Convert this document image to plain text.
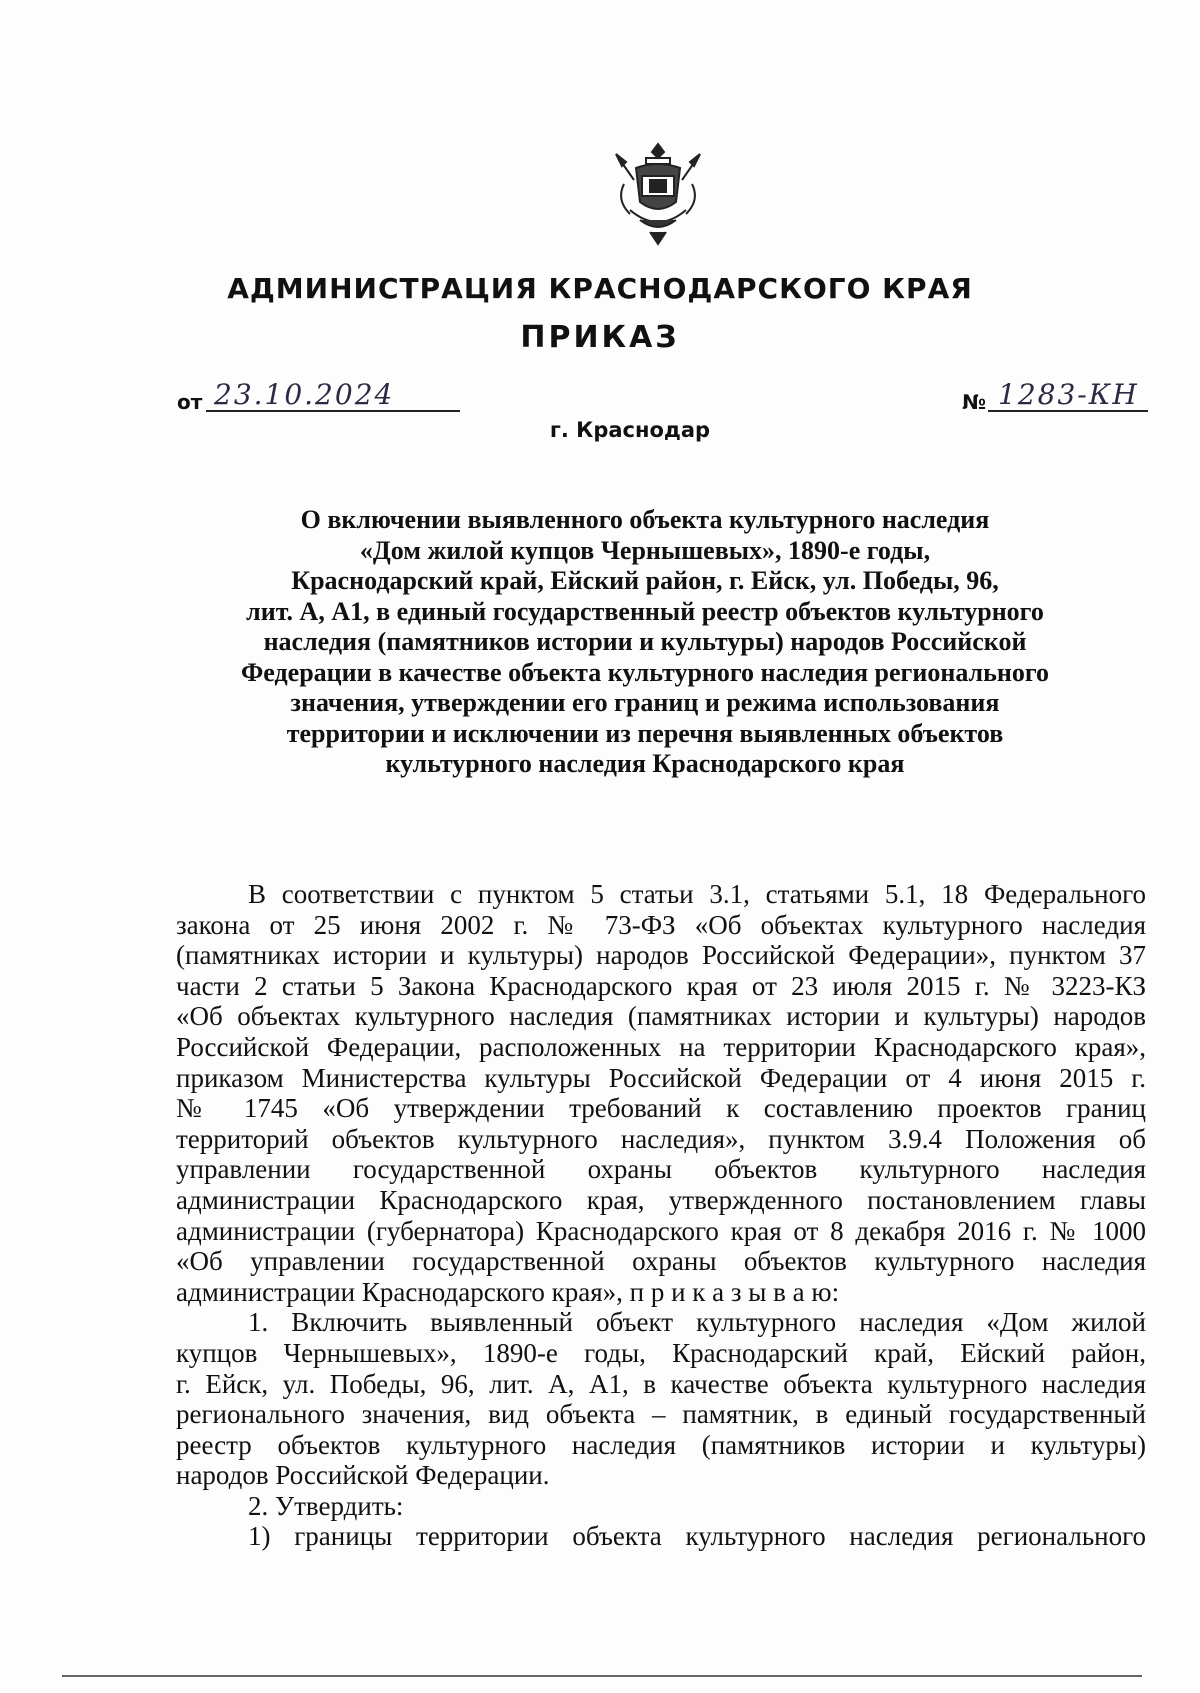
АДМИНИСТРАЦИЯ КРАСНОДАРСКОГО КРАЯ
ПРИКАЗ
от 23.10.2024	№ 1283-КН
г. Краснодар
О включении выявленного объекта культурного наследия
«Дом жилой купцов Чернышевых», 1890-е годы,
Краснодарский край, Ейский район, г. Ейск, ул. Победы, 96,
лит. А, А1, в единый государственный реестр объектов культурного
наследия (памятников истории и культуры) народов Российской
Федерации в качестве объекта культурного наследия регионального
значения, утверждении его границ и режима использования
территории и исключении из перечня выявленных объектов
культурного наследия Краснодарского края
В соответствии с пунктом 5 статьи 3.1, статьями 5.1, 18 Федерального
закона от 25 июня 2002 г. № 73-ФЗ «Об объектах культурного наследия
(памятниках истории и культуры) народов Российской Федерации», пунктом 37
части 2 статьи 5 Закона Краснодарского края от 23 июля 2015 г. № 3223-КЗ
«Об объектах культурного наследия (памятниках истории и культуры) народов
Российской Федерации, расположенных на территории Краснодарского края»,
приказом Министерства культуры Российской Федерации от 4 июня 2015 г.
№ 1745 «Об утверждении требований к составлению проектов границ
территорий объектов культурного наследия», пунктом 3.9.4 Положения об
управлении государственной охраны объектов культурного наследия
администрации Краснодарского края, утвержденного постановлением главы
администрации (губернатора) Краснодарского края от 8 декабря 2016 г. № 1000
«Об управлении государственной охраны объектов культурного наследия
администрации Краснодарского края», п р и к а з ы в а ю:
1. Включить выявленный объект культурного наследия «Дом жилой
купцов Чернышевых», 1890-е годы, Краснодарский край, Ейский район,
г. Ейск, ул. Победы, 96, лит. А, А1, в качестве объекта культурного наследия
регионального значения, вид объекта – памятник, в единый государственный
реестр объектов культурного наследия (памятников истории и культуры)
народов Российской Федерации.
2. Утвердить:
1) границы территории объекта культурного наследия регионального
